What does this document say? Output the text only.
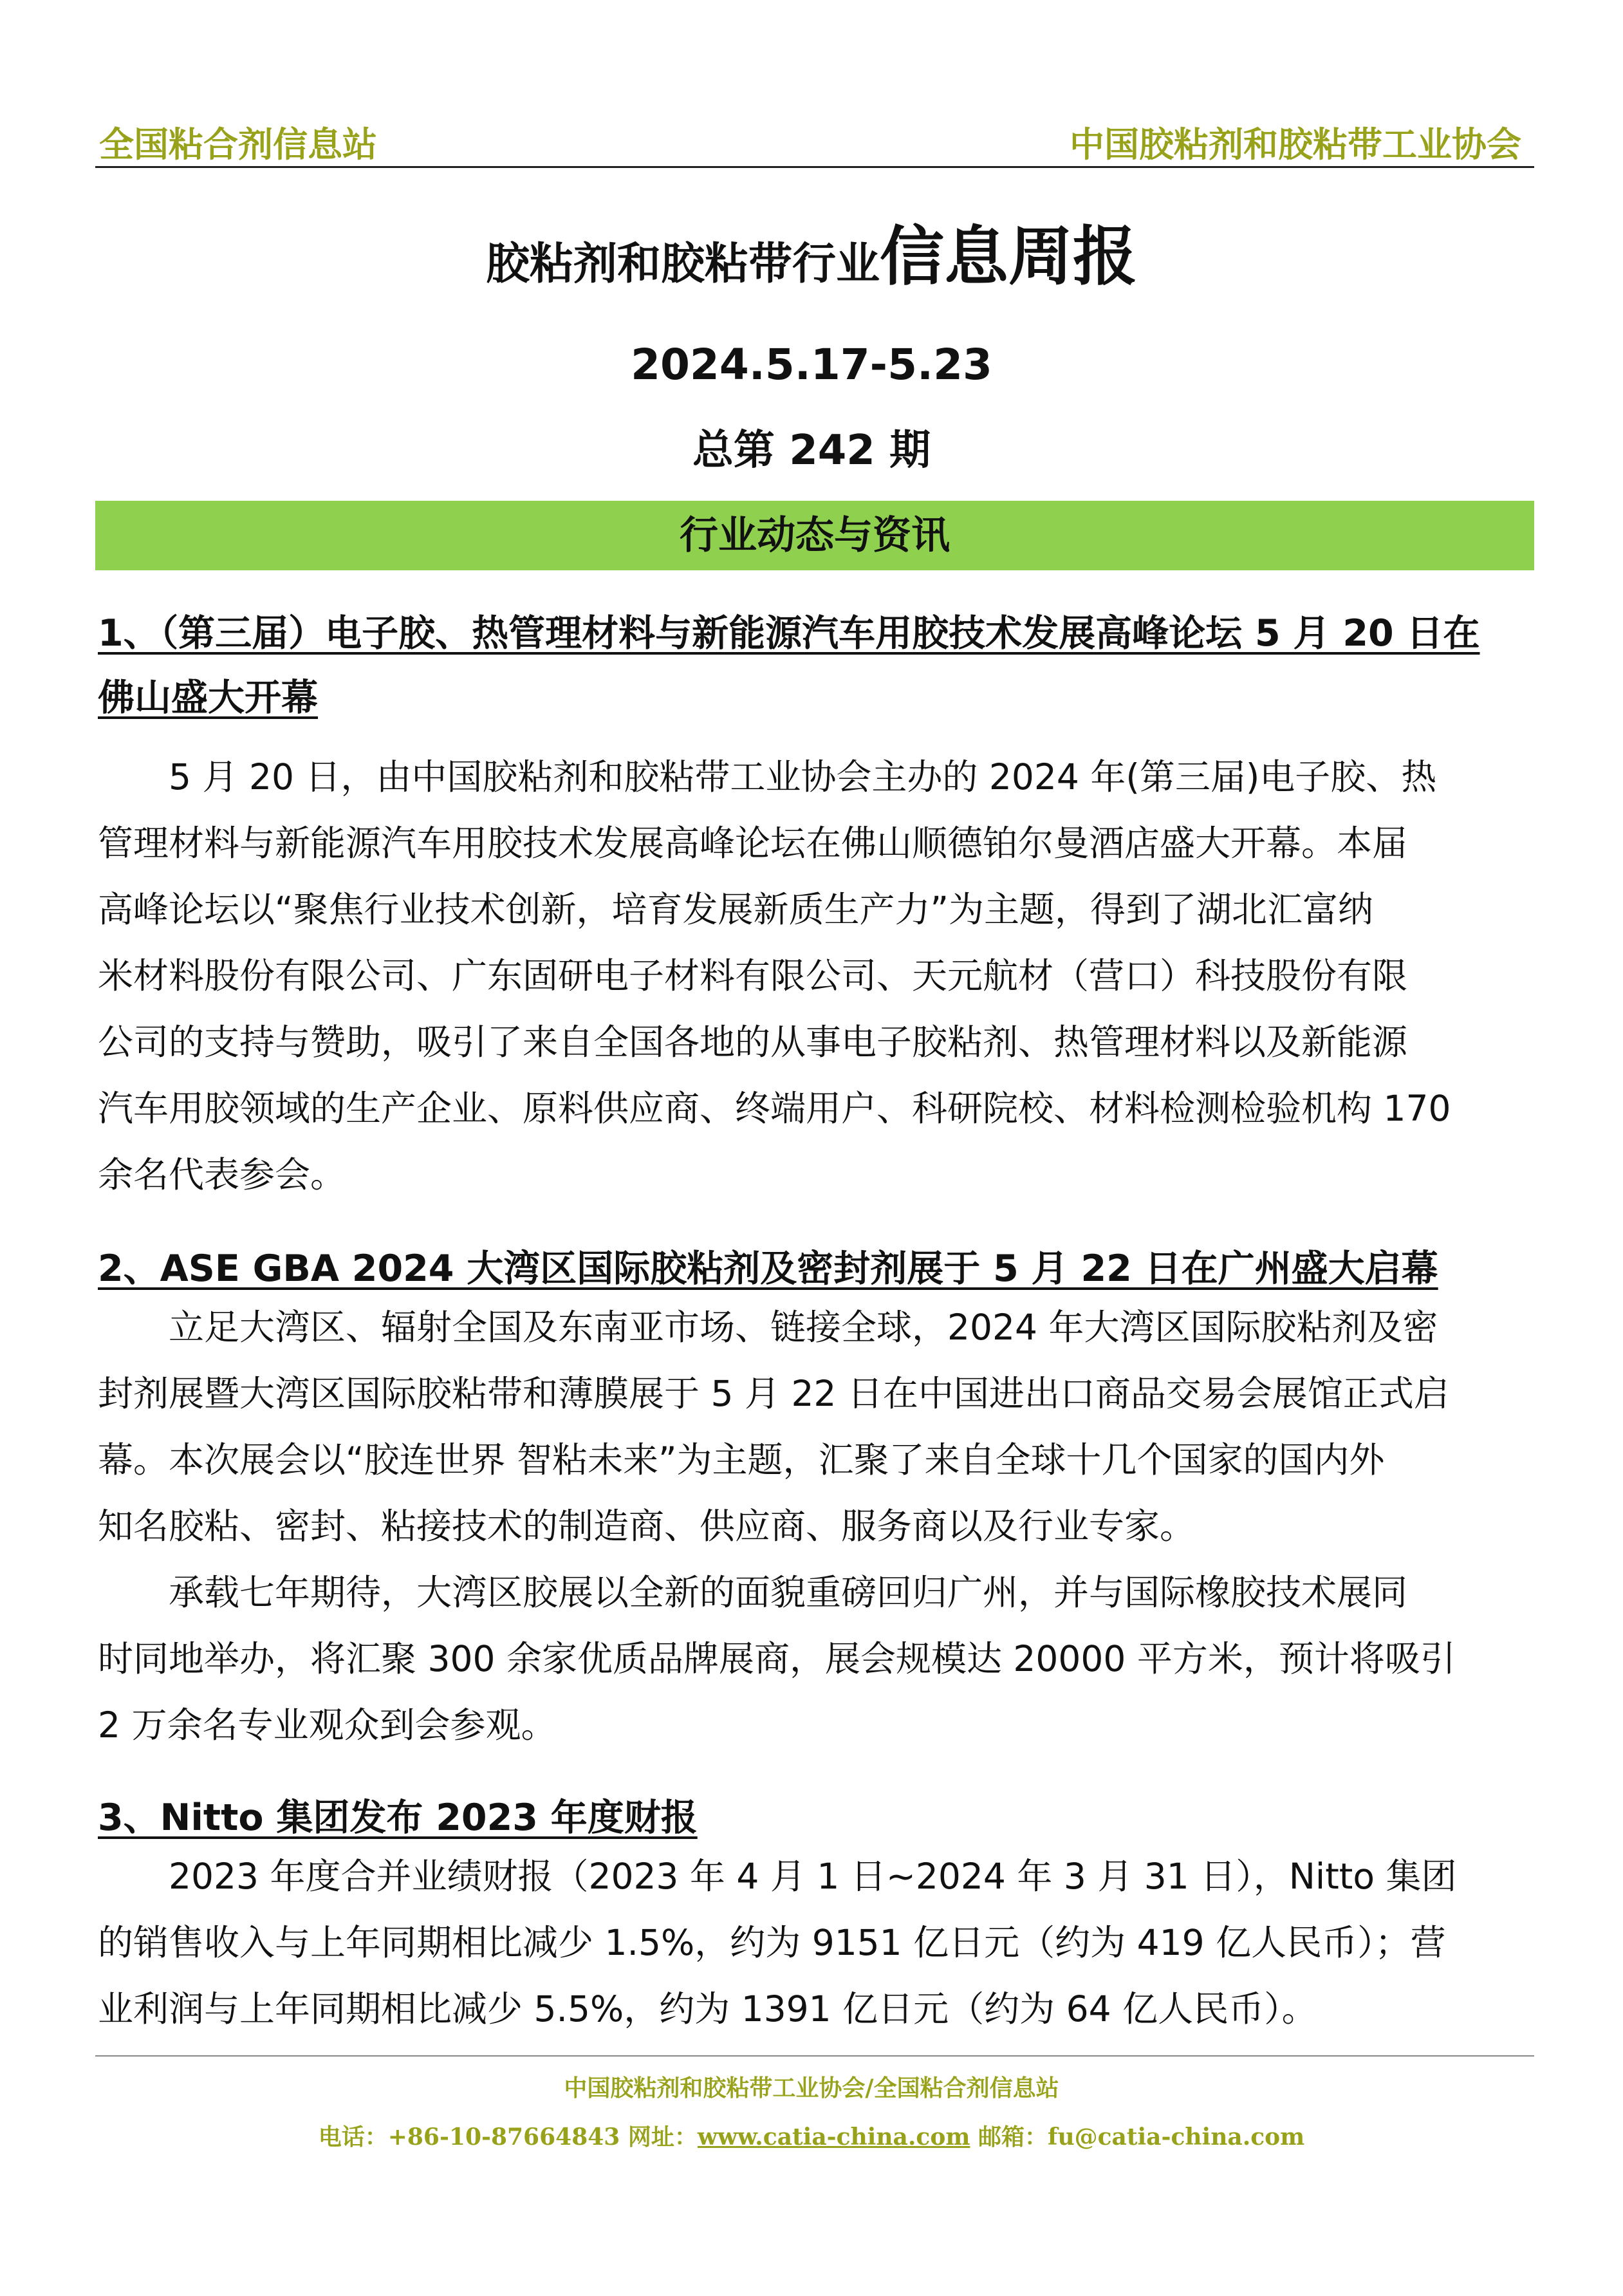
全国粘合剂信息站	中国胶粘剂和胶粘带工业协会
胶粘剂和胶粘带行业信息周报
2024.5.17-5.23
总第 242 期
行业动态与资讯
1、（第三届）电子胶、热管理材料与新能源汽车用胶技术发展高峰论坛 5 月 20 日在
佛山盛大开幕
　　5 月 20 日，由中国胶粘剂和胶粘带工业协会主办的 2024 年(第三届)电子胶、热
管理材料与新能源汽车用胶技术发展高峰论坛在佛山顺德铂尔曼酒店盛大开幕。本届
高峰论坛以“聚焦行业技术创新，培育发展新质生产力”为主题，得到了湖北汇富纳
米材料股份有限公司、广东固研电子材料有限公司、天元航材（营口）科技股份有限
公司的支持与赞助，吸引了来自全国各地的从事电子胶粘剂、热管理材料以及新能源
汽车用胶领域的生产企业、原料供应商、终端用户、科研院校、材料检测检验机构 170
余名代表参会。
2、ASE GBA 2024 大湾区国际胶粘剂及密封剂展于 5 月 22 日在广州盛大启幕
　　立足大湾区、辐射全国及东南亚市场、链接全球，2024 年大湾区国际胶粘剂及密
封剂展暨大湾区国际胶粘带和薄膜展于 5 月 22 日在中国进出口商品交易会展馆正式启
幕。本次展会以“胶连世界 智粘未来”为主题，汇聚了来自全球十几个国家的国内外
知名胶粘、密封、粘接技术的制造商、供应商、服务商以及行业专家。
　　承载七年期待，大湾区胶展以全新的面貌重磅回归广州，并与国际橡胶技术展同
时同地举办，将汇聚 300 余家优质品牌展商，展会规模达 20000 平方米，预计将吸引
2 万余名专业观众到会参观。
3、Nitto 集团发布 2023 年度财报
　　2023 年度合并业绩财报（2023 年 4 月 1 日~2024 年 3 月 31 日），Nitto 集团
的销售收入与上年同期相比减少 1.5%，约为 9151 亿日元（约为 419 亿人民币）；营
业利润与上年同期相比减少 5.5%，约为 1391 亿日元（约为 64 亿人民币）。
中国胶粘剂和胶粘带工业协会/全国粘合剂信息站
电话：+86-10-87664843 网址：www.catia-china.com 邮箱：fu@catia-china.com
